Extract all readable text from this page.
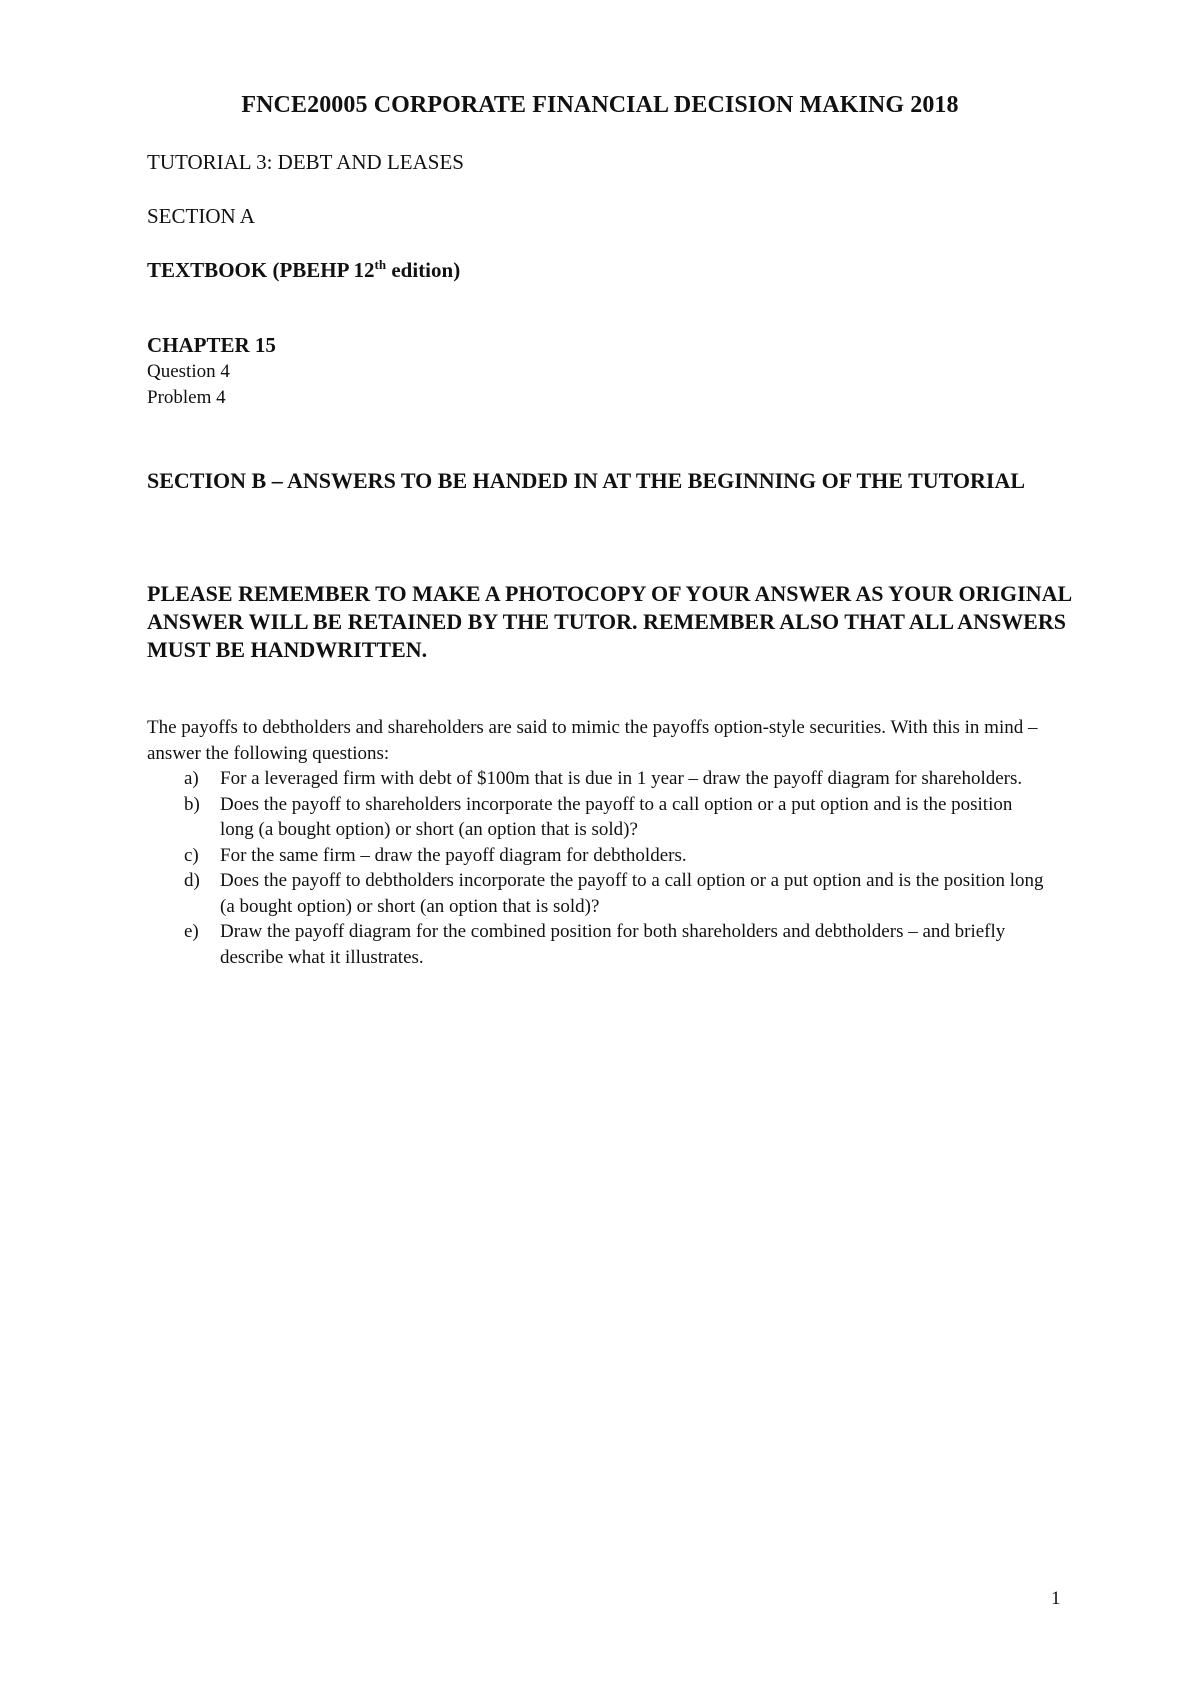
FNCE20005 CORPORATE FINANCIAL DECISION MAKING 2018
TUTORIAL 3: DEBT AND LEASES
SECTION A
TEXTBOOK (PBEHP 12th edition)
CHAPTER 15
Question 4
Problem 4
SECTION B – ANSWERS TO BE HANDED IN AT THE BEGINNING OF THE TUTORIAL
PLEASE REMEMBER TO MAKE A PHOTOCOPY OF YOUR ANSWER AS YOUR ORIGINAL ANSWER WILL BE RETAINED BY THE TUTOR. REMEMBER ALSO THAT ALL ANSWERS MUST BE HANDWRITTEN.
The payoffs to debtholders and shareholders are said to mimic the payoffs option-style securities. With this in mind – answer the following questions:
a) For a leveraged firm with debt of $100m that is due in 1 year – draw the payoff diagram for shareholders.
b) Does the payoff to shareholders incorporate the payoff to a call option or a put option and is the position long (a bought option) or short (an option that is sold)?
c) For the same firm – draw the payoff diagram for debtholders.
d) Does the payoff to debtholders incorporate the payoff to a call option or a put option and is the position long (a bought option) or short (an option that is sold)?
e) Draw the payoff diagram for the combined position for both shareholders and debtholders – and briefly describe what it illustrates.
1
